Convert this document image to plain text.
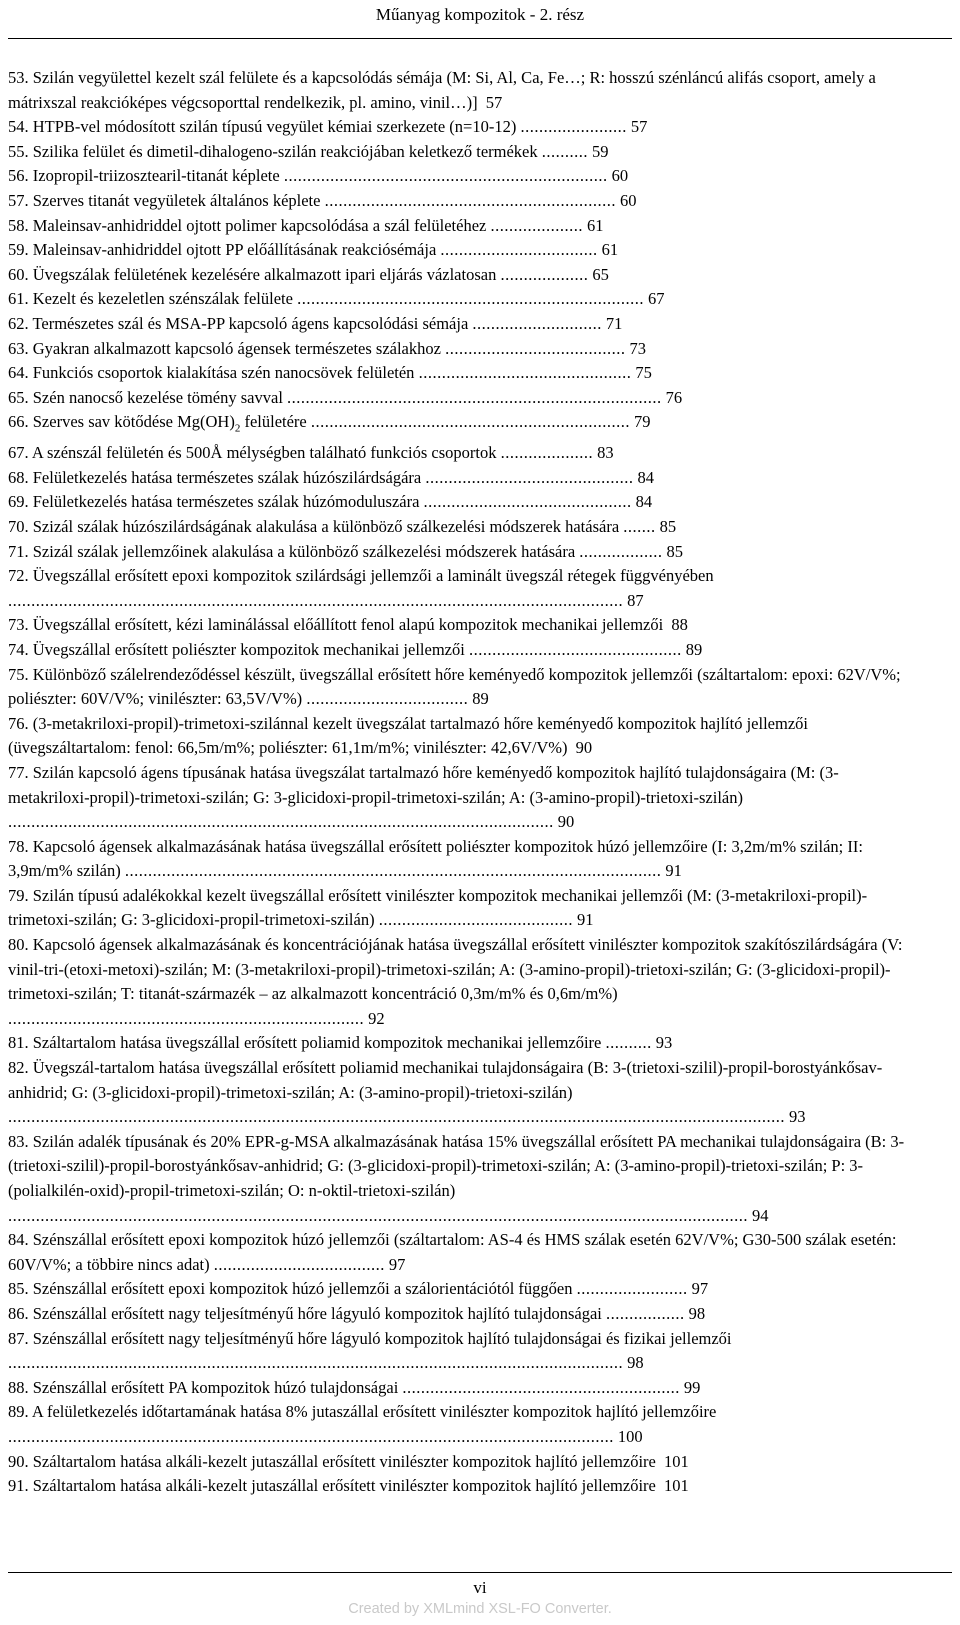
Műanyag kompozitok - 2. rész
53. Szilán vegyülettel kezelt szál felülete és a kapcsolódás sémája (M: Si, Al, Ca, Fe…; R: hosszú szénláncú alifás csoport, amely a mátrixszal reakcióképes végcsoporttal rendelkezik, pl. amino, vinil…)] 57
54. HTPB-vel módosított szilán típusú vegyület kémiai szerkezete (n=10-12) ....................... 57
55. Szilika felület és dimetil-dihalogeno-szilán reakciójában keletkező termékek .......... 59
56. Izopropil-triizosztearil-titanát képlete ...................................................................... 60
57. Szerves titanát vegyületek általános képlete ............................................................... 60
58. Maleinsav-anhidriddel ojtott polimer kapcsolódása a szál felületéhez .................... 61
59. Maleinsav-anhidriddel ojtott PP előállításának reakciósémája .................................. 61
60. Üvegszálak felületének kezelésére alkalmazott ipari eljárás vázlatosan ................... 65
61. Kezelt és kezeletlen szénszálak felülete ........................................................................... 67
62. Természetes szál és MSA-PP kapcsoló ágens kapcsolódási sémája ............................ 71
63. Gyakran alkalmazott kapcsoló ágensek természetes szálakhoz ....................................... 73
64. Funkciós csoportok kialakítása szén nanocsövek felületén .............................................. 75
65. Szén nanocső kezelése tömény savval ................................................................................. 76
66. Szerves sav kötődése $Mg(OH)_2$ felületére ..................................................................... 79
67. A szénszál felületén és 500Å mélységben található funkciós csoportok .................... 83
68. Felületkezelés hatása természetes szálak húzószilárdságára ............................................. 84
69. Felületkezelés hatása természetes szálak húzómoduluszára ............................................. 84
70. Szizál szálak húzószilárdságának alakulása a különböző szálkezelési módszerek hatására ....... 85
71. Szizál szálak jellemzőinek alakulása a különböző szálkezelési módszerek hatására .................. 85
72. Üvegszállal erősített epoxi kompozitok szilárdsági jellemzői a laminált üvegszál rétegek függvényében ..................................................................................................................................... 87
73. Üvegszállal erősített, kézi laminálással előállított fenol alapú kompozitok mechanikai jellemzői 88
74. Üvegszállal erősített poliészter kompozitok mechanikai jellemzői .............................................. 89
75. Különböző szálelrendeződéssel készült, üvegszállal erősített hőre keményedő kompozitok jellemzői (száltartalom: epoxi: 62V/V%; poliészter: 60V/V%; vinilészter: 63,5V/V%) ................................... 89
76. (3-metakriloxi-propil)-trimetoxi-szilánnal kezelt üvegszálat tartalmazó hőre keményedő kompozitok hajlító jellemzői (üvegszáltartalom: fenol: 66,5m/m%; poliészter: 61,1m/m%; vinilészter: 42,6V/V%) 90
77. Szilán kapcsoló ágens típusának hatása üvegszálat tartalmazó hőre keményedő kompozitok hajlító tulajdonságaira (M: (3-metakriloxi-propil)-trimetoxi-szilán; G: 3-glicidoxi-propil-trimetoxi-szilán; A: (3-amino-propil)-trietoxi-szilán) ...................................................................................................................... 90
78. Kapcsoló ágensek alkalmazásának hatása üvegszállal erősített poliészter kompozitok húzó jellemzőire (I: 3,2m/m% szilán; II: 3,9m/m% szilán) .................................................................................................................... 91
79. Szilán típusú adalékokkal kezelt üvegszállal erősített vinilészter kompozitok mechanikai jellemzői (M: (3-metakriloxi-propil)-trimetoxi-szilán; G: 3-glicidoxi-propil-trimetoxi-szilán) .......................................... 91
80. Kapcsoló ágensek alkalmazásának és koncentrációjának hatása üvegszállal erősített vinilészter kompozitok szakítószilárdságára (V: vinil-tri-(etoxi-metoxi)-szilán; M: (3-metakriloxi-propil)-trimetoxi-szilán; A: (3-amino-propil)-trietoxi-szilán; G: (3-glicidoxi-propil)-trimetoxi-szilán; T: titanát-származék – az alkalmazott koncentráció 0,3m/m% és 0,6m/m%) ............................................................................. 92
81. Száltartalom hatása üvegszállal erősített poliamid kompozitok mechanikai jellemzőire .......... 93
82. Üvegszál-tartalom hatása üvegszállal erősített poliamid mechanikai tulajdonságaira (B: 3-(trietoxi-szilil)-propil-borostyánkősav-anhidrid; G: (3-glicidoxi-propil)-trimetoxi-szilán; A: (3-amino-propil)-trietoxi-szilán) ........................................................................................................................................................................ 93
83. Szilán adalék típusának és 20% EPR-g-MSA alkalmazásának hatása 15% üvegszállal erősített PA mechanikai tulajdonságaira (B: 3-(trietoxi-szilil)-propil-borostyánkősav-anhidrid; G: (3-glicidoxi-propil)-trimetoxi-szilán; A: (3-amino-propil)-trietoxi-szilán; P: 3-(polialkilén-oxid)-propil-trimetoxi-szilán; O: n-oktil-trietoxi-szilán) ................................................................................................................................................................ 94
84. Szénszállal erősített epoxi kompozitok húzó jellemzői (száltartalom: AS-4 és HMS szálak esetén 62V/V%; G30-500 szálak esetén: 60V/V%; a többire nincs adat) ..................................... 97
85. Szénszállal erősített epoxi kompozitok húzó jellemzői a szálorientációtól függően ........................ 97
86. Szénszállal erősített nagy teljesítményű hőre lágyuló kompozitok hajlító tulajdonságai ................. 98
87. Szénszállal erősített nagy teljesítményű hőre lágyuló kompozitok hajlító tulajdonságai és fizikai jellemzői ..................................................................................................................................... 98
88. Szénszállal erősített PA kompozitok húzó tulajdonságai ............................................................ 99
89. A felületkezelés időtartamának hatása 8% jutaszállal erősített vinilészter kompozitok hajlító jellemzőire ................................................................................................................................... 100
90. Száltartalom hatása alkáli-kezelt jutaszállal erősített vinilészter kompozitok hajlító jellemzőire 101
91. Száltartalom hatása alkáli-kezelt jutaszállal erősített vinilészter kompozitok hajlító jellemzőire 101
vi
Created by XMLmind XSL-FO Converter.
